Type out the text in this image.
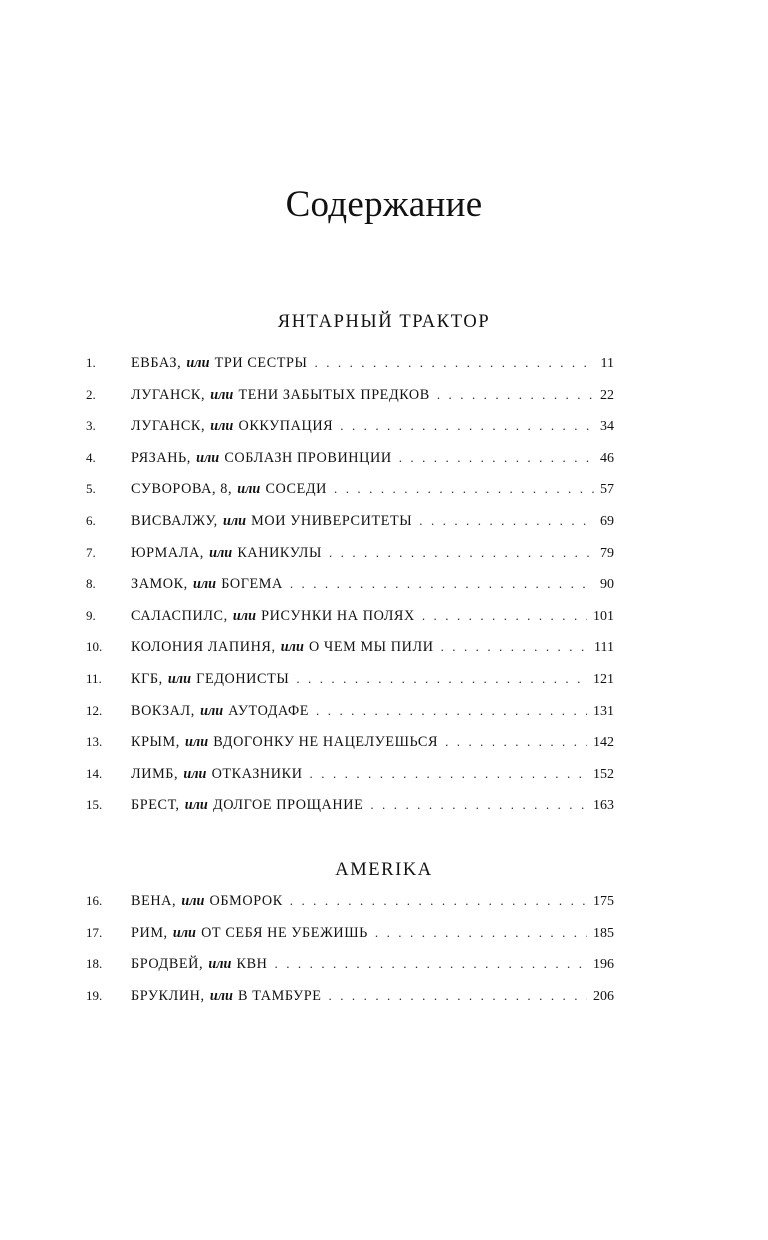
Содержание
ЯНТАРНЫЙ ТРАКТОР
1.	ЕВБАЗ, или ТРИ СЕСТРЫ . . .	11
2.	ЛУГАНСК, или ТЕНИ ЗАБЫТЫХ ПРЕДКОВ . . .	22
3.	ЛУГАНСК, или ОККУПАЦИЯ . . .	34
4.	РЯЗАНЬ, или СОБЛАЗН ПРОВИНЦИИ . . .	46
5.	СУВОРОВА, 8, или СОСЕДИ . . .	57
6.	ВИСВАЛЖУ, или МОИ УНИВЕРСИТЕТЫ . . .	69
7.	ЮРМАЛА, или КАНИКУЛЫ . . .	79
8.	ЗАМОК, или БОГЕМА . . .	90
9.	САЛАСПИЛС, или РИСУНКИ НА ПОЛЯХ . . .	101
10.	КОЛОНИЯ ЛАПИНЯ, или О ЧЕМ МЫ ПИЛИ . . .	111
11.	КГБ, или ГЕДОНИСТЫ . . .	121
12.	ВОКЗАЛ, или АУТОДАФЕ . . .	131
13.	КРЫМ, или ВДОГОНКУ НЕ НАЦЕЛУЕШЬСЯ . . .	142
14.	ЛИМБ, или ОТКАЗНИКИ . . .	152
15.	БРЕСТ, или ДОЛГОЕ ПРОЩАНИЕ . . .	163
AMERIKA
16.	ВЕНА, или ОБМОРОК . . .	175
17.	РИМ, или ОТ СЕБЯ НЕ УБЕЖИШЬ . . .	185
18.	БРОДВЕЙ, или КВН . . .	196
19.	БРУКЛИН, или В ТАМБУРЕ . . .	206
